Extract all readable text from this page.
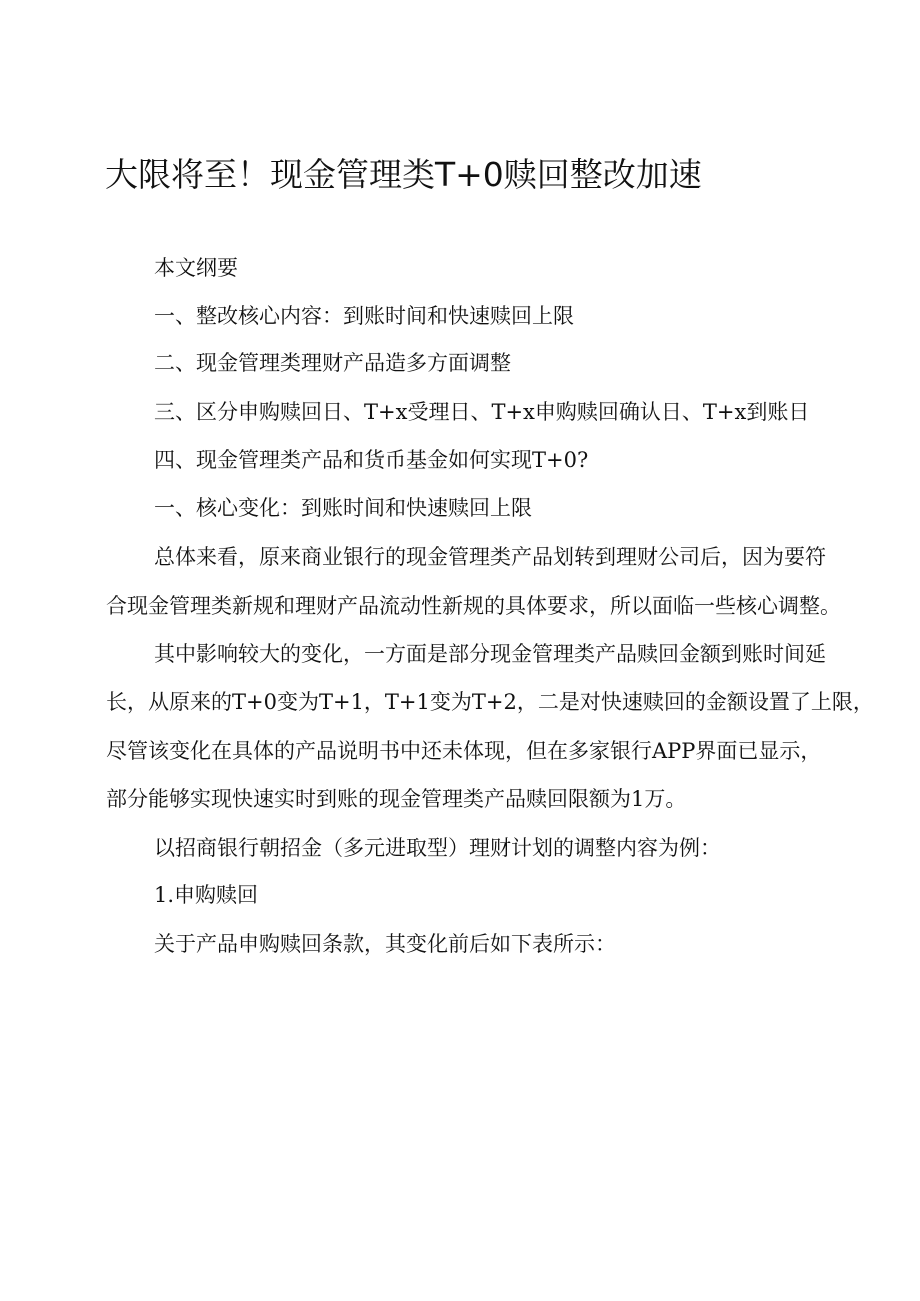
大限将至！现金管理类T+0赎回整改加速

本文纲要

一、整改核心内容：到账时间和快速赎回上限

二、现金管理类理财产品造多方面调整

三、区分申购赎回日、T+x受理日、T+x申购赎回确认日、T+x到账日

四、现金管理类产品和货币基金如何实现T+0?

一、核心变化：到账时间和快速赎回上限

总体来看，原来商业银行的现金管理类产品划转到理财公司后，因为要符

合现金管理类新规和理财产品流动性新规的具体要求，所以面临一些核心调整。

其中影响较大的变化，一方面是部分现金管理类产品赎回金额到账时间延

长，从原来的T+0变为T+1，T+1变为T+2，二是对快速赎回的金额设置了上限，

尽管该变化在具体的产品说明书中还未体现，但在多家银行APP界面已显示，

部分能够实现快速实时到账的现金管理类产品赎回限额为1万。

以招商银行朝招金（多元进取型）理财计划的调整内容为例：

1.申购赎回

关于产品申购赎回条款，其变化前后如下表所示：
